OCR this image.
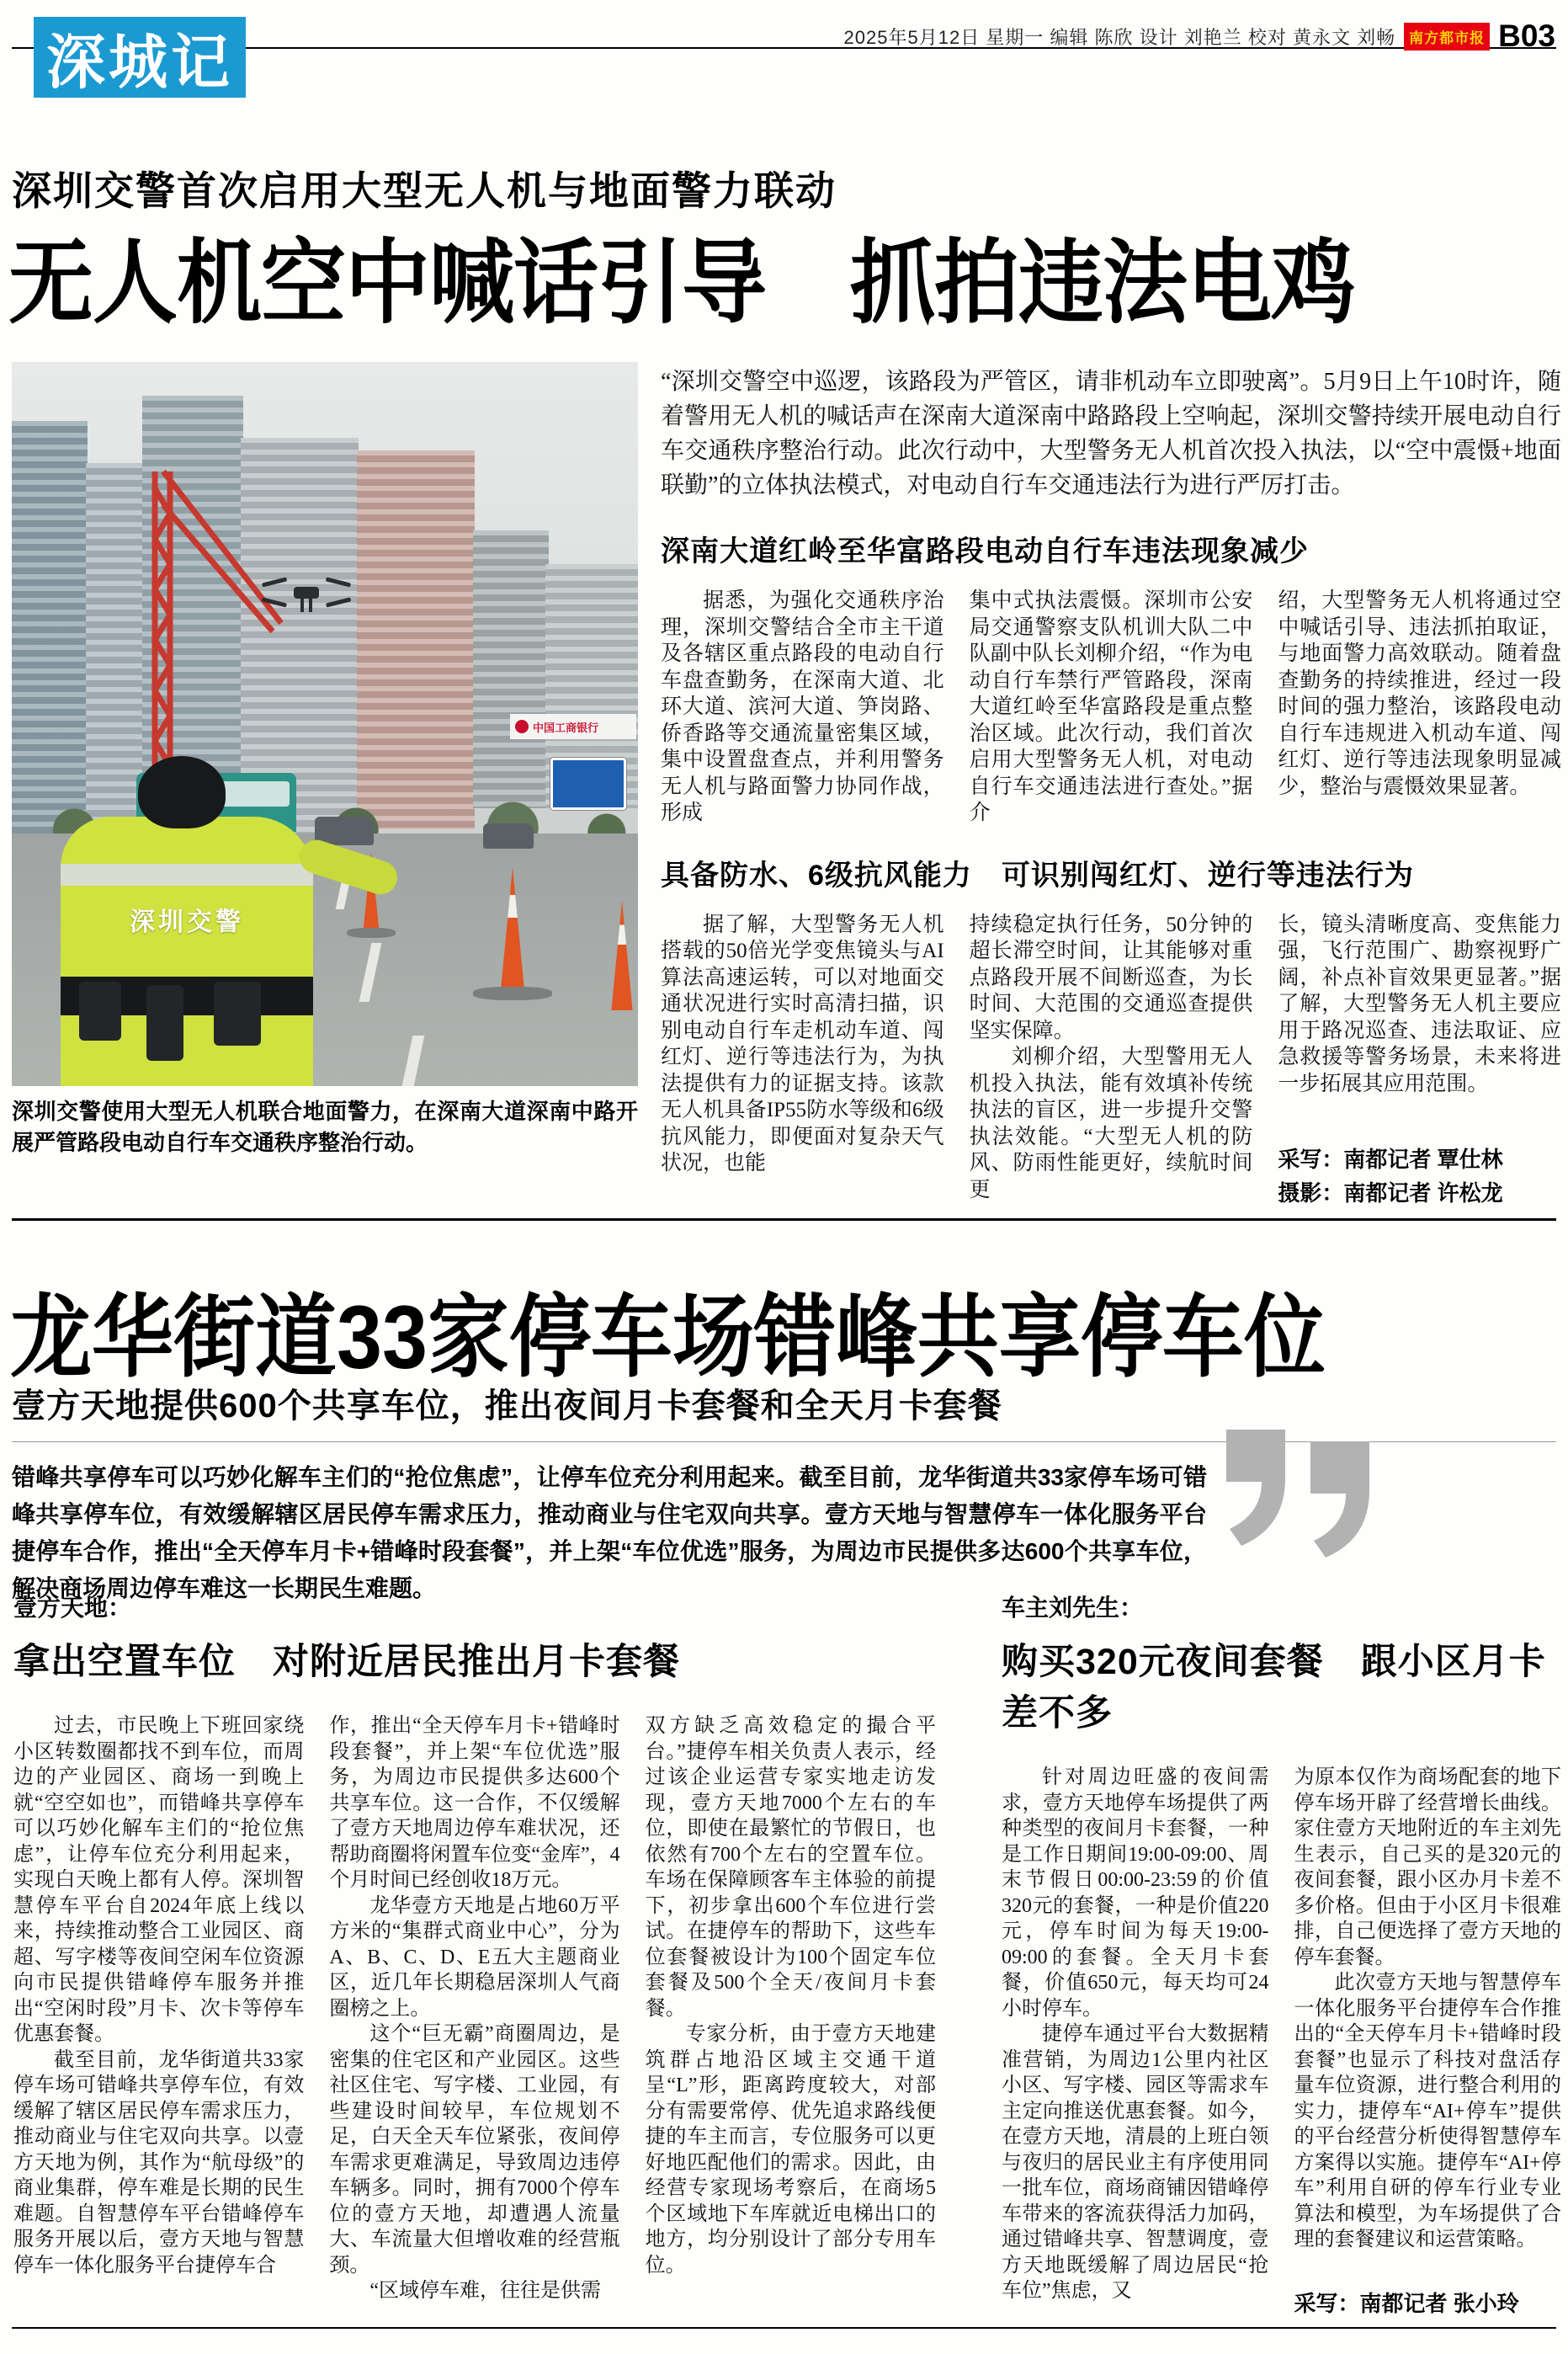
深城记	2025年5月12日 星期一 编辑 陈欣 设计 刘艳兰 校对 黄永文 刘畅 南方都市报 B03
深圳交警首次启用大型无人机与地面警力联动
无人机空中喊话引导　抓拍违法电鸡
中国工商银行
深圳交警
深圳交警使用大型无人机联合地面警力，在深南大道深南中路开展严管路段电动自行车交通秩序整治行动。
“深圳交警空中巡逻，该路段为严管区，请非机动车立即驶离”。5月9日上午10时许，随着警用无人机的喊话声在深南大道深南中路路段上空响起，深圳交警持续开展电动自行车交通秩序整治行动。此次行动中，大型警务无人机首次投入执法，以“空中震慑+地面联勤”的立体执法模式，对电动自行车交通违法行为进行严厉打击。
深南大道红岭至华富路段电动自行车违法现象减少

据悉，为强化交通秩序治理，深圳交警结合全市主干道及各辖区重点路段的电动自行车盘查勤务，在深南大道、北环大道、滨河大道、笋岗路、侨香路等交通流量密集区域，集中设置盘查点，并利用警务无人机与路面警力协同作战，形成

集中式执法震慑。深圳市公安局交通警察支队机训大队二中队副中队长刘柳介绍，“作为电动自行车禁行严管路段，深南大道红岭至华富路段是重点整治区域。此次行动，我们首次启用大型警务无人机，对电动自行车交通违法进行查处。”据介

绍，大型警务无人机将通过空中喊话引导、违法抓拍取证，与地面警力高效联动。随着盘查勤务的持续推进，经过一段时间的强力整治，该路段电动自行车违规进入机动车道、闯红灯、逆行等违法现象明显减少，整治与震慑效果显著。

具备防水、6级抗风能力　可识别闯红灯、逆行等违法行为

据了解，大型警务无人机搭载的50倍光学变焦镜头与AI算法高速运转，可以对地面交通状况进行实时高清扫描，识别电动自行车走机动车道、闯红灯、逆行等违法行为，为执法提供有力的证据支持。该款无人机具备IP55防水等级和6级抗风能力，即便面对复杂天气状况，也能

持续稳定执行任务，50分钟的超长滞空时间，让其能够对重点路段开展不间断巡查，为长时间、大范围的交通巡查提供坚实保障。

刘柳介绍，大型警用无人机投入执法，能有效填补传统执法的盲区，进一步提升交警执法效能。“大型无人机的防风、防雨性能更好，续航时间更

长，镜头清晰度高、变焦能力强，飞行范围广、勘察视野广阔，补点补盲效果更显著。”据了解，大型警务无人机主要应用于路况巡查、违法取证、应急救援等警务场景，未来将进一步拓展其应用范围。

采写：南都记者 覃仕林
摄影：南都记者 许松龙
龙华街道33家停车场错峰共享停车位
壹方天地提供600个共享车位，推出夜间月卡套餐和全天月卡套餐
错峰共享停车可以巧妙化解车主们的“抢位焦虑”，让停车位充分利用起来。截至目前，龙华街道共33家停车场可错峰共享停车位，有效缓解辖区居民停车需求压力，推动商业与住宅双向共享。壹方天地与智慧停车一体化服务平台捷停车合作，推出“全天停车月卡+错峰时段套餐”，并上架“车位优选”服务，为周边市民提供多达600个共享车位，解决商场周边停车难这一长期民生难题。
壹方天地：
拿出空置车位　对附近居民推出月卡套餐

过去，市民晚上下班回家绕小区转数圈都找不到车位，而周边的产业园区、商场一到晚上就“空空如也”，而错峰共享停车可以巧妙化解车主们的“抢位焦虑”，让停车位充分利用起来，实现白天晚上都有人停。深圳智慧停车平台自2024年底上线以来，持续推动整合工业园区、商超、写字楼等夜间空闲车位资源向市民提供错峰停车服务并推出“空闲时段”月卡、次卡等停车优惠套餐。

截至目前，龙华街道共33家停车场可错峰共享停车位，有效缓解了辖区居民停车需求压力，推动商业与住宅双向共享。以壹方天地为例，其作为“航母级”的商业集群，停车难是长期的民生难题。自智慧停车平台错峰停车服务开展以后，壹方天地与智慧停车一体化服务平台捷停车合

作，推出“全天停车月卡+错峰时段套餐”，并上架“车位优选”服务，为周边市民提供多达600个共享车位。这一合作，不仅缓解了壹方天地周边停车难状况，还帮助商圈将闲置车位变“金库”，4个月时间已经创收18万元。

龙华壹方天地是占地60万平方米的“集群式商业中心”，分为A、B、C、D、E五大主题商业区，近几年长期稳居深圳人气商圈榜之上。

这个“巨无霸”商圈周边，是密集的住宅区和产业园区。这些社区住宅、写字楼、工业园，有些建设时间较早，车位规划不足，白天全天车位紧张，夜间停车需求更难满足，导致周边违停车辆多。同时，拥有7000个停车位的壹方天地，却遭遇人流量大、车流量大但增收难的经营瓶颈。

“区域停车难，往往是供需

双方缺乏高效稳定的撮合平台。”捷停车相关负责人表示，经过该企业运营专家实地走访发现，壹方天地7000个左右的车位，即使在最繁忙的节假日，也依然有700个左右的空置车位。车场在保障顾客车主体验的前提下，初步拿出600个车位进行尝试。在捷停车的帮助下，这些车位套餐被设计为100个固定车位套餐及500个全天/夜间月卡套餐。

专家分析，由于壹方天地建筑群占地沿区域主交通干道呈“L”形，距离跨度较大，对部分有需要常停、优先追求路线便捷的车主而言，专位服务可以更好地匹配他们的需求。因此，由经营专家现场考察后，在商场5个区域地下车库就近电梯出口的地方，均分别设计了部分专用车位。

车主刘先生：
购买320元夜间套餐　跟小区月卡差不多

针对周边旺盛的夜间需求，壹方天地停车场提供了两种类型的夜间月卡套餐，一种是工作日期间19:00-09:00、周末节假日00:00-23:59的价值320元的套餐，一种是价值220元，停车时间为每天19:00-09:00的套餐。全天月卡套餐，价值650元，每天均可24小时停车。

捷停车通过平台大数据精准营销，为周边1公里内社区小区、写字楼、园区等需求车主定向推送优惠套餐。如今，在壹方天地，清晨的上班白领与夜归的居民业主有序使用同一批车位，商场商铺因错峰停车带来的客流获得活力加码，通过错峰共享、智慧调度，壹方天地既缓解了周边居民“抢车位”焦虑，又

为原本仅作为商场配套的地下停车场开辟了经营增长曲线。家住壹方天地附近的车主刘先生表示，自己买的是320元的夜间套餐，跟小区办月卡差不多价格。但由于小区月卡很难排，自己便选择了壹方天地的停车套餐。

此次壹方天地与智慧停车一体化服务平台捷停车合作推出的“全天停车月卡+错峰时段套餐”也显示了科技对盘活存量车位资源，进行整合利用的实力，捷停车“AI+停车”提供的平台经营分析使得智慧停车方案得以实施。捷停车“AI+停车”利用自研的停车行业专业算法和模型，为车场提供了合理的套餐建议和运营策略。

采写：南都记者 张小玲
